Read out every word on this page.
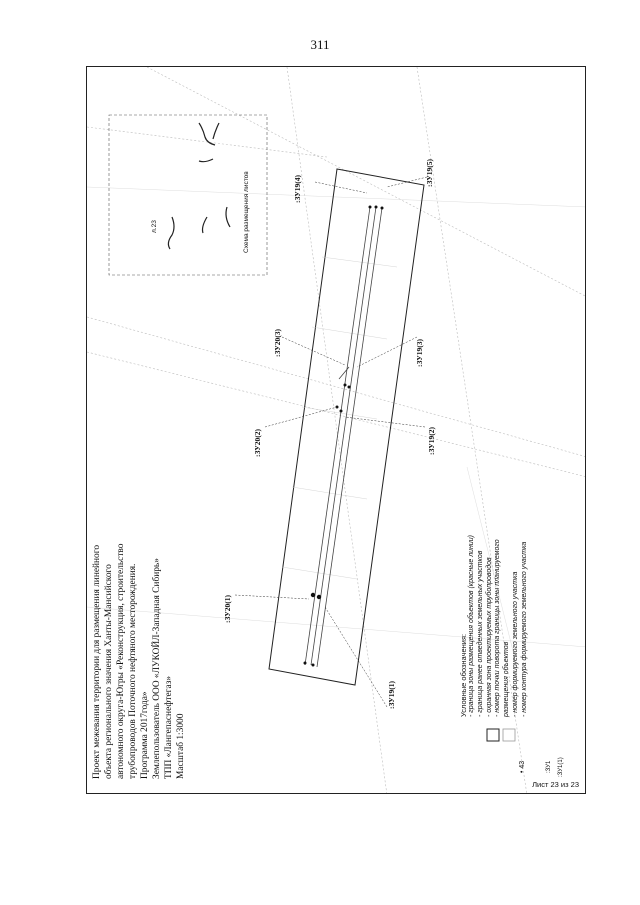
311
Проект межевания территории для размещения линейного объекта регионального значения Ханты-Мансийского автономного округа-Югры «Реконструкция, строительство трубопроводов Поточного нефтяного месторождения. Программа 2017года» Землепользователь ООО «ЛУКОЙЛ-Западная Сибирь» ТПП «Лангепаснефтегаз» Масштаб 1:3000
:ЗУ20(1)
:ЗУ20(2)
:ЗУ20(3)
:ЗУ19(4)
:ЗУ19(5)
:ЗУ19(3)
:ЗУ19(2)
:ЗУ19(1)
Схема размещения листов
л.23
Условные обозначения: - граница зоны размещения объектов (красные линии) - граница ранее отведенных земельных участков - охранная зона проектируемых трубопроводов - номер точки поворота границы зоны планируемого размещения объектов - номер формируемого земельного участка - номер контура формируемого земельного участка
• 43	:ЗУ1 :ЗУ1(1)
Лист 23 из 23
